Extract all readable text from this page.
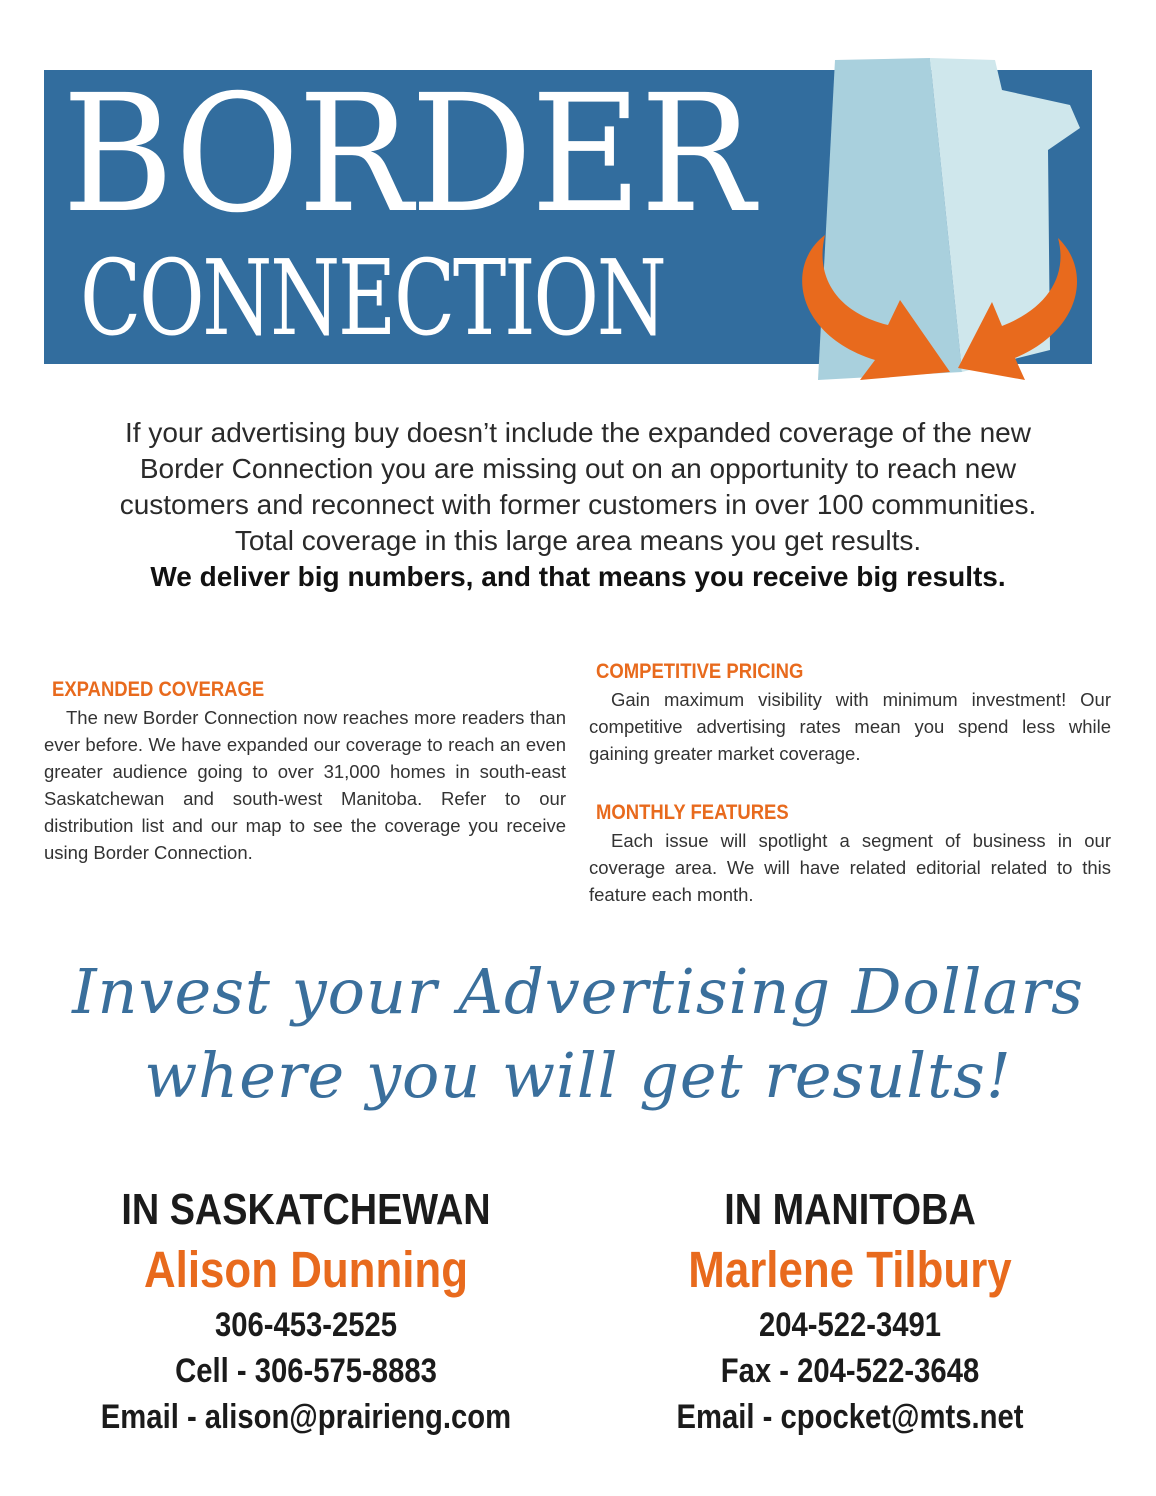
BORDER
CONNECTION

If your advertising buy doesn’t include the expanded coverage of the new

Border Connection you are missing out on an opportunity to reach new

customers and reconnect with former customers in over 100 communities.

Total coverage in this large area means you get results.

We deliver big numbers, and that means you receive big results.

EXPANDED COVERAGE

The new Border Connection now reaches more readers than ever before. We have expanded our coverage to reach an even greater audience going to over 31,000 homes in south-east Saskatchewan and south-west Manitoba. Refer to our distribution list and our map to see the coverage you receive using Border Connection.

COMPETITIVE PRICING

Gain maximum visibility with minimum investment! Our competitive advertising rates mean you spend less while gaining greater market coverage.

MONTHLY FEATURES

Each issue will spotlight a segment of business in our coverage area. We will have related editorial related to this feature each month.

Invest your Advertising Dollars
where you will get results!
IN SASKATCHEWAN
Alison Dunning
306-453-2525
Cell - 306-575-8883
Email - alison@prairieng.com
IN MANITOBA
Marlene Tilbury
204-522-3491
Fax - 204-522-3648
Email - cpocket@mts.net
